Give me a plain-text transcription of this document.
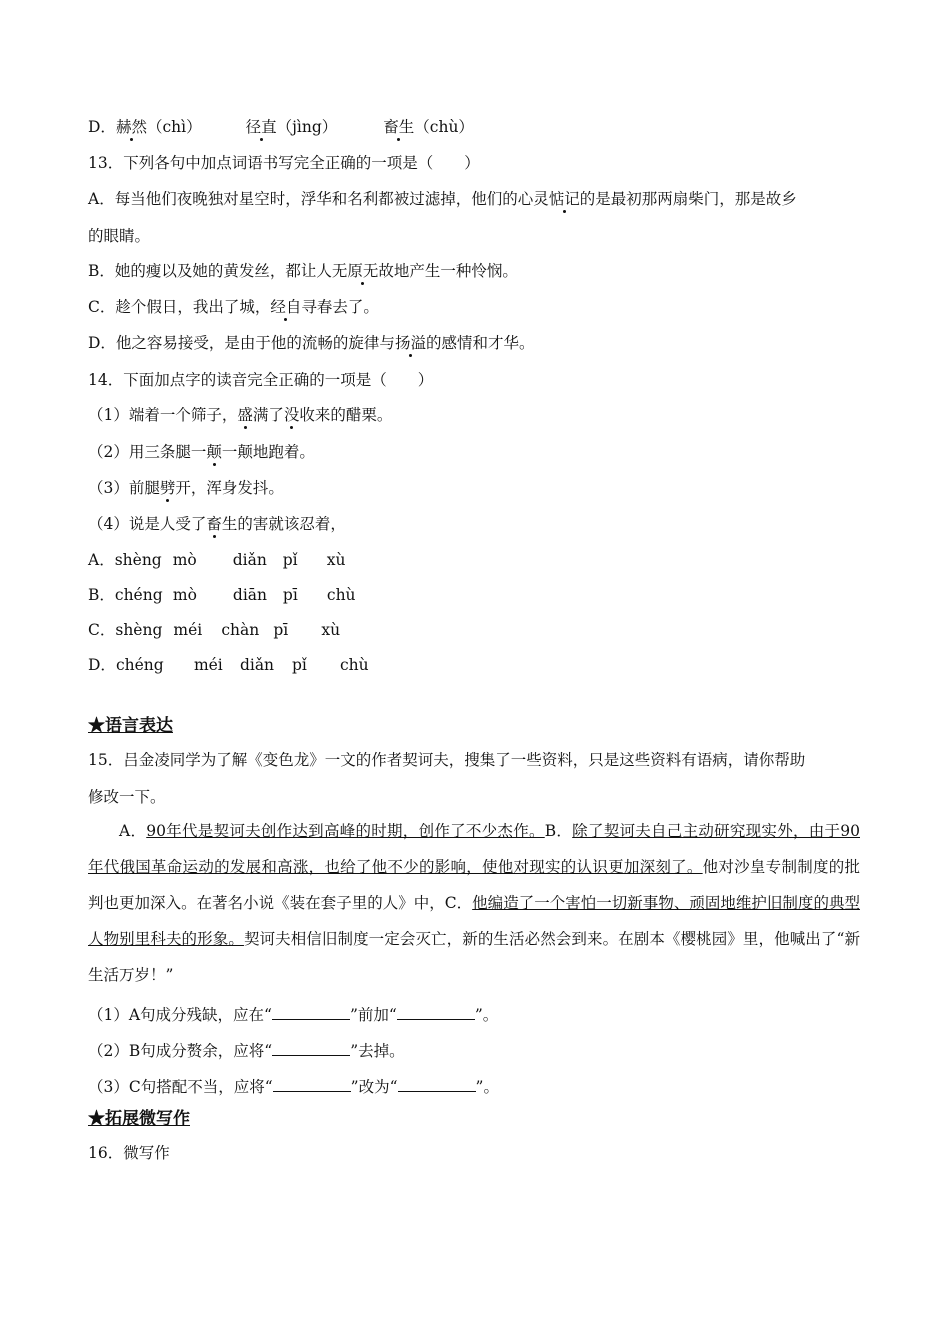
D．赫然（chì）	径直（jìng）	畜生（chù）
13．下列各句中加点词语书写完全正确的一项是（　　）
A．每当他们夜晚独对星空时，浮华和名利都被过滤掉，他们的心灵惦记的是最初那两扇柴门，那是故乡
的眼睛。
B．她的瘦以及她的黄发丝，都让人无原无故地产生一种怜悯。
C．趁个假日，我出了城，经自寻春去了。
D．他之容易接受，是由于他的流畅的旋律与扬溢的感情和才华。
14．下面加点字的读音完全正确的一项是（　　）
（1）端着一个筛子，盛满了没收来的醋栗。
（2）用三条腿一颠一颠地跑着。
（3）前腿劈开，浑身发抖。
（4）说是人受了畜生的害就该忍着，
A．shèng mò diǎn pǐ xù
B．chéng mò diān pī chù
C．shèng méi chàn pī xù
D．chéng méi diǎn pǐ chù
★语言表达
15．吕金凌同学为了解《变色龙》一文的作者契诃夫，搜集了一些资料，只是这些资料有语病，请你帮助
修改一下。
A．90年代是契诃夫创作达到高峰的时期，创作了不少杰作。B．除了契诃夫自己主动研究现实外，由于90年代俄国革命运动的发展和高涨，也给了他不少的影响，使他对现实的认识更加深刻了。他对沙皇专制制度的批判也更加深入。在著名小说《装在套子里的人》中，C．他编造了一个害怕一切新事物、顽固地维护旧制度的典型人物别里科夫的形象。契诃夫相信旧制度一定会灭亡，新的生活必然会到来。在剧本《樱桃园》里，他喊出了“新生活万岁！”
（1）A句成分残缺，应在“	”前加“	”。
（2）B句成分赘余，应将“	”去掉。
（3）C句搭配不当，应将“	”改为“	”。
★拓展微写作
16．微写作
